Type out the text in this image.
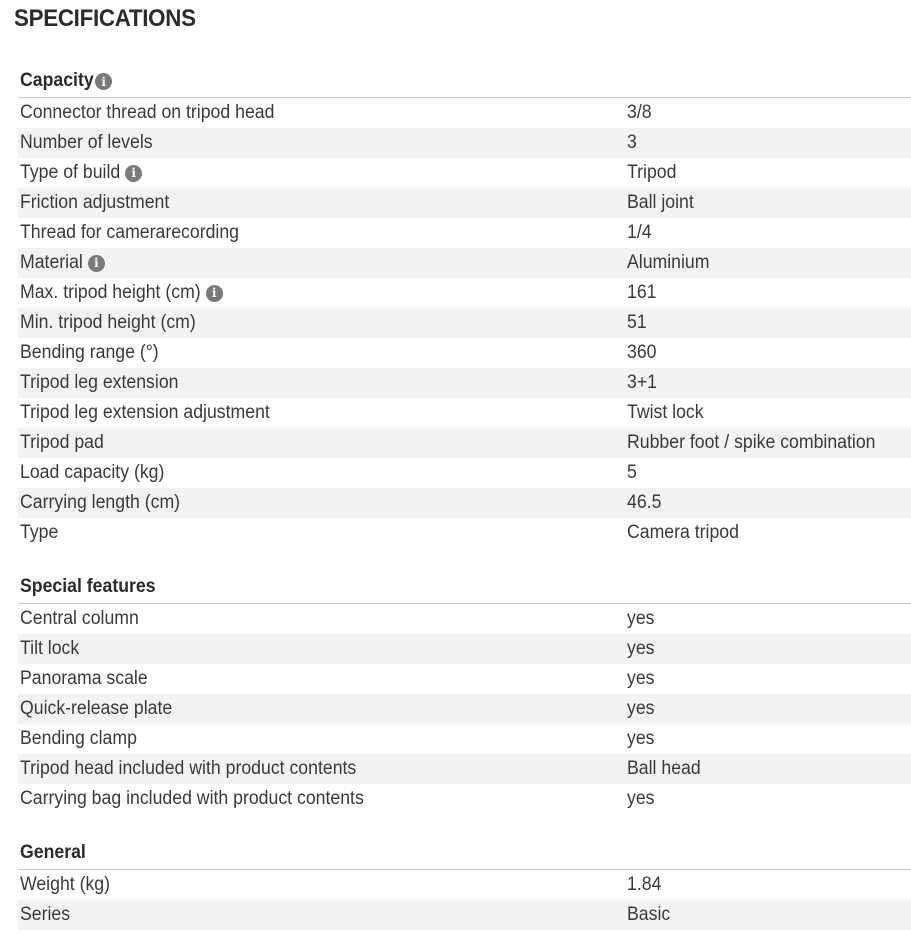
SPECIFICATIONS
Capacity i
Connector thread on tripod head	3/8
Number of levels	3
Type of build i	Tripod
Friction adjustment	Ball joint
Thread for camerarecording	1/4
Material i	Aluminium
Max. tripod height (cm) i	161
Min. tripod height (cm)	51
Bending range (°)	360
Tripod leg extension	3+1
Tripod leg extension adjustment	Twist lock
Tripod pad	Rubber foot / spike combination
Load capacity (kg)	5
Carrying length (cm)	46.5
Type	Camera tripod
Special features
Central column	yes
Tilt lock	yes
Panorama scale	yes
Quick-release plate	yes
Bending clamp	yes
Tripod head included with product contents	Ball head
Carrying bag included with product contents	yes
General
Weight (kg)	1.84
Series	Basic
